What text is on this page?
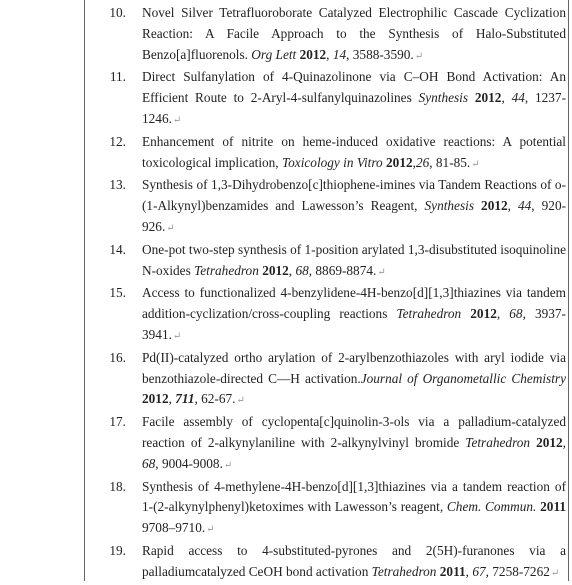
10.	Novel Silver Tetrafluoroborate Catalyzed Electrophilic Cascade Cyclization Reaction: A Facile Approach to the Synthesis of Halo-Substituted Benzo[a]fluorenols. Org Lett 2012, 14, 3588-3590.↵
11.	Direct Sulfanylation of 4-Quinazolinone via C–OH Bond Activation: An Efficient Route to 2-Aryl-4-sulfanylquinazolines Synthesis 2012, 44, 1237-1246.↵
12.	Enhancement of nitrite on heme-induced oxidative reactions: A potential toxicological implication, Toxicology in Vitro 2012,26, 81-85.↵
13.	Synthesis of 1,3-Dihydrobenzo[c]thiophene-imines via Tandem Reactions of o-(1-Alkynyl)benzamides and Lawesson’s Reagent, Synthesis 2012, 44, 920-926.↵
14.	One-pot two-step synthesis of 1-position arylated 1,3-disubstituted isoquinoline N-oxides Tetrahedron 2012, 68, 8869-8874.↵
15.	Access to functionalized 4-benzylidene-4H-benzo[d][1,3]thiazines via tandem addition-cyclization/cross-coupling reactions Tetrahedron 2012, 68, 3937-3941.↵
16.	Pd(II)-catalyzed ortho arylation of 2-arylbenzothiazoles with aryl iodide via benzothiazole-directed C—H activation.Journal of Organometallic Chemistry 2012, 711, 62-67.↵
17.	Facile assembly of cyclopenta[c]quinolin-3-ols via a palladium-catalyzed reaction of 2-alkynylaniline with 2-alkynylvinyl bromide Tetrahedron 2012, 68, 9004-9008.↵
18.	Synthesis of 4-methylene-4H-benzo[d][1,3]thiazines via a tandem reaction of 1-(2-alkynylphenyl)ketoximes with Lawesson’s reagent, Chem. Commun. 2011 9708–9710.↵
19.	Rapid access to 4-substituted-pyrones and 2(5H)-furanones via a palladiumcatalyzed CeOH bond activation Tetrahedron 2011, 67, 7258-7262↵
